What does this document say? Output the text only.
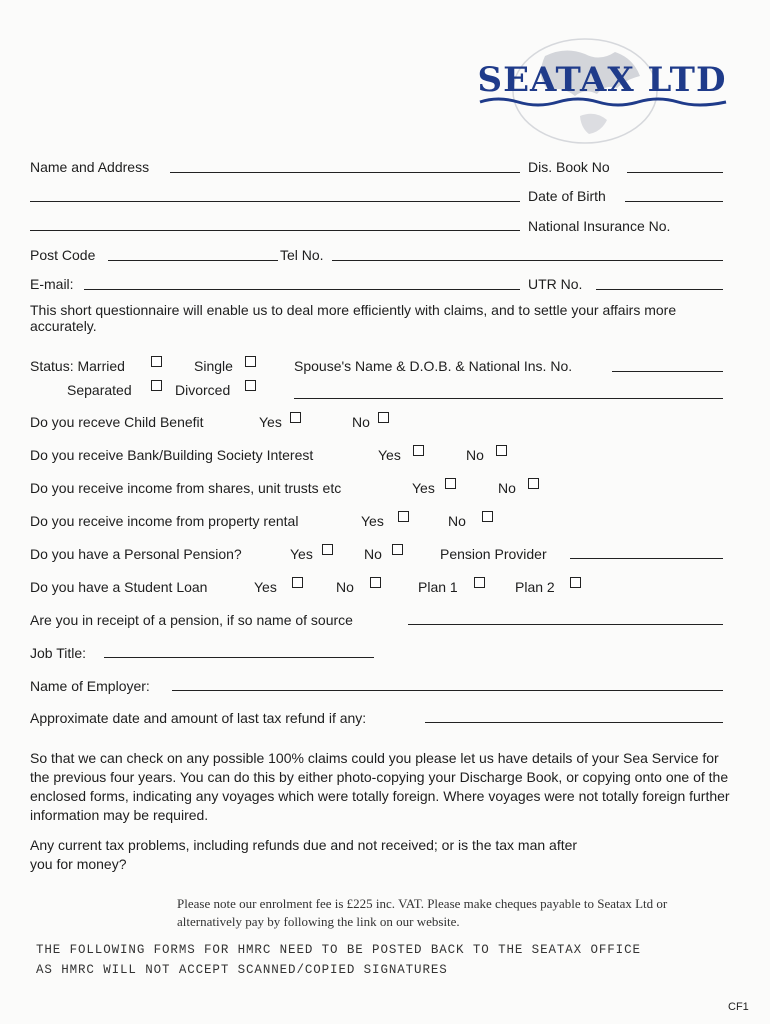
SEATAX LTD
Name and Address	Dis. Book No
Date of Birth
National Insurance No.
Post Code	Tel No.
E-mail:	UTR No.
This short questionnaire will enable us to deal more efficiently with claims, and to settle your affairs more accurately.
Status: Married	Single	Spouse's Name & D.O.B. & National Ins. No.
Separated	Divorced
Do you receve Child Benefit	Yes	No
Do you receive Bank/Building Society Interest	Yes	No
Do you receive income from shares, unit trusts etc	Yes	No
Do you receive income from property rental	Yes	No
Do you have a Personal Pension?	Yes	No	Pension Provider
Do you have a Student Loan	Yes	No	Plan 1	Plan 2
Are you in receipt of a pension, if so name of source
Job Title:
Name of Employer:
Approximate date and amount of last tax refund if any:
So that we can check on any possible 100% claims could you please let us have details of your Sea Service for the previous four years. You can do this by either photo-copying your Discharge Book, or copying onto one of the enclosed forms, indicating any voyages which were totally foreign. Where voyages were not totally foreign further information may be required.
Any current tax problems, including refunds due and not received; or is the tax man after you for money?
Please note our enrolment fee is £225 inc. VAT. Please make cheques payable to Seatax Ltd or alternatively pay by following the link on our website.
THE FOLLOWING FORMS FOR HMRC NEED TO BE POSTED BACK TO THE SEATAX OFFICE
AS HMRC WILL NOT ACCEPT SCANNED/COPIED SIGNATURES
CF1
